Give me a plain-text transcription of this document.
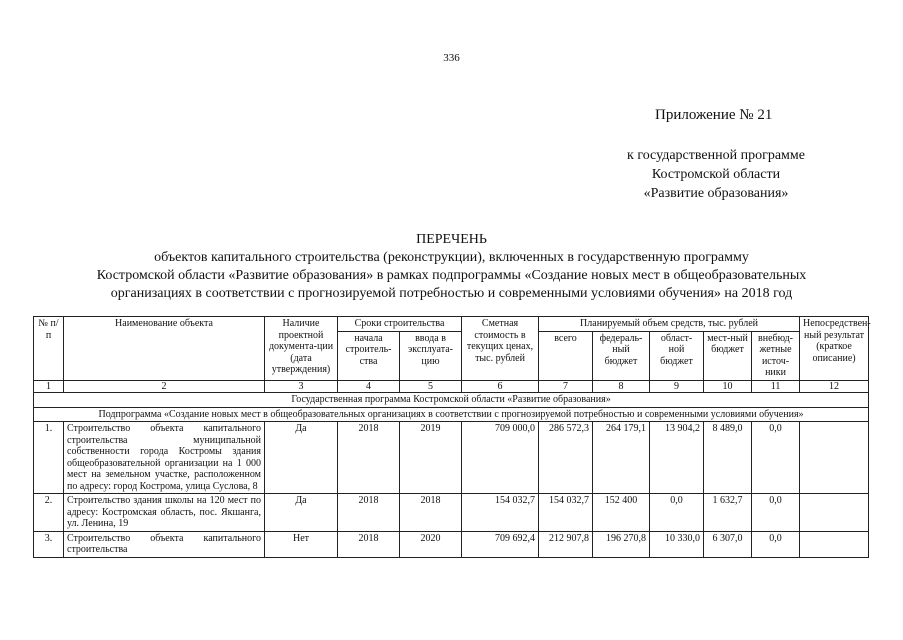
336
Приложение № 21
к государственной программе
Костромской области
«Развитие образования»
ПЕРЕЧЕНЬ
объектов капитального строительства (реконструкции), включенных в государственную программу
Костромской области «Развитие образования» в рамках подпрограммы «Создание новых мест в общеобразовательных
организациях в соответствии с прогнозируемой потребностью и современными условиями обучения» на 2018 год
№ п/п	Наименование объекта	Наличие проектной документа-ции (дата утверждения)	Сроки строительства		Сметная стоимость в текущих ценах, тыс. рублей	Планируемый объем средств, тыс. рублей					Непосредствен-ный результат (краткое описание)
			начала строитель-ства	ввода в эксплуата-цию		всего	федераль-ный бюджет	област-ной бюджет	мест-ный бюджет	внебюд-жетные источ-ники	
1	2	3	4	5	6	7	8	9	10	11	12
Государственная программа Костромской области «Развитие образования»											
Подпрограмма «Создание новых мест в общеобразовательных организациях в соответствии с прогнозируемой потребностью и современными условиями обучения»											
1.	Строительство объекта капитального строительства муниципальной собственности города Костромы здания общеобразовательной организации на 1 000 мест на земельном участке, расположенном по адресу: город Кострома, улица Суслова, 8	Да	2018	2019	709 000,0	286 572,3	264 179,1	13 904,2	8 489,0	0,0	
2.	Строительство здания школы на 120 мест по адресу: Костромская область, пос. Якшанга, ул. Ленина, 19	Да	2018	2018	154 032,7	154 032,7	152 400	0,0	1 632,7	0,0	
3.	Строительство объекта капитального строительства	Нет	2018	2020	709 692,4	212 907,8	196 270,8	10 330,0	6 307,0	0,0	
